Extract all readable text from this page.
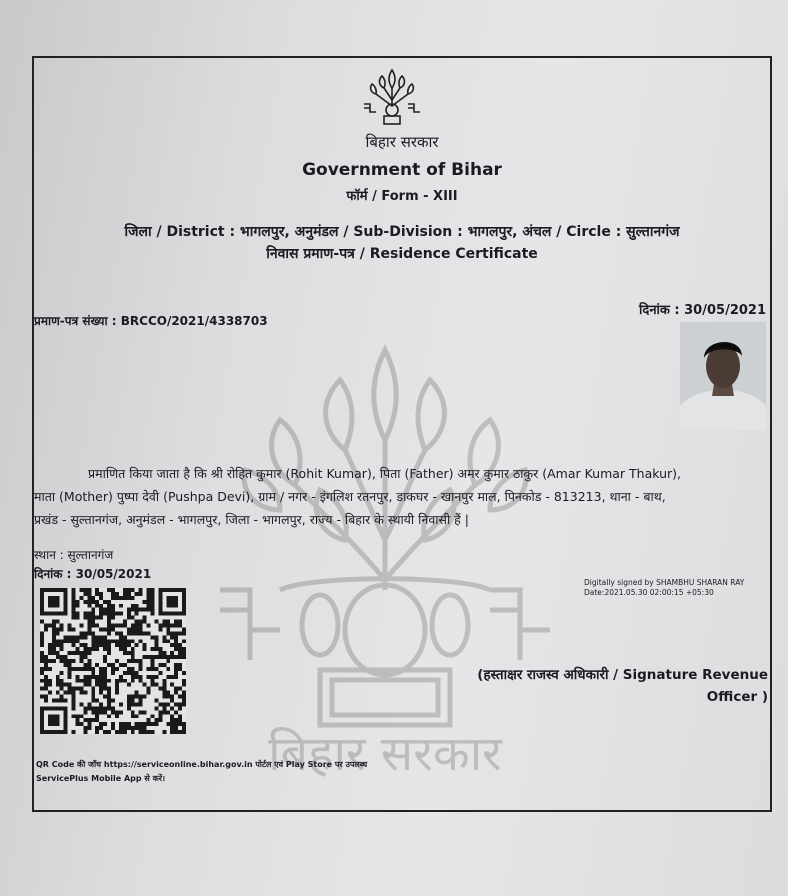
बिहार सरकार
बिहार सरकार
Government of Bihar
फॉर्म / Form - XIII
जिला / District : भागलपुर, अनुमंडल / Sub-Division : भागलपुर, अंचल / Circle : सुल्तानगंज
निवास प्रमाण-पत्र / Residence Certificate
प्रमाण-पत्र संख्या : BRCCO/2021/4338703
दिनांक : 30/05/2021
प्रमाणित किया जाता है कि श्री रोहित कुमार (Rohit Kumar), पिता (Father) अमर कुमार ठाकुर (Amar Kumar Thakur),
माता (Mother) पुष्पा देवी (Pushpa Devi), ग्राम / नगर - इंगलिश रतनपुर, डाकघर - खानपुर माल, पिनकोड - 813213, थाना - बाथ,
प्रखंड - सुल्तानगंज, अनुमंडल - भागलपुर, जिला - भागलपुर, राज्य - बिहार के स्थायी निवासी हैं |
स्थान : सुल्तानगंज
दिनांक : 30/05/2021
Digitally signed by SHAMBHU SHARAN RAY
Date:2021.05.30 02:00:15 +05:30
(हस्ताक्षर राजस्व अधिकारी / Signature Revenue
Officer )
QR Code की जाँच https://serviceonline.bihar.gov.in पोर्टल एवं Play Store पर उपलब्ध
ServicePlus Mobile App से करें।
